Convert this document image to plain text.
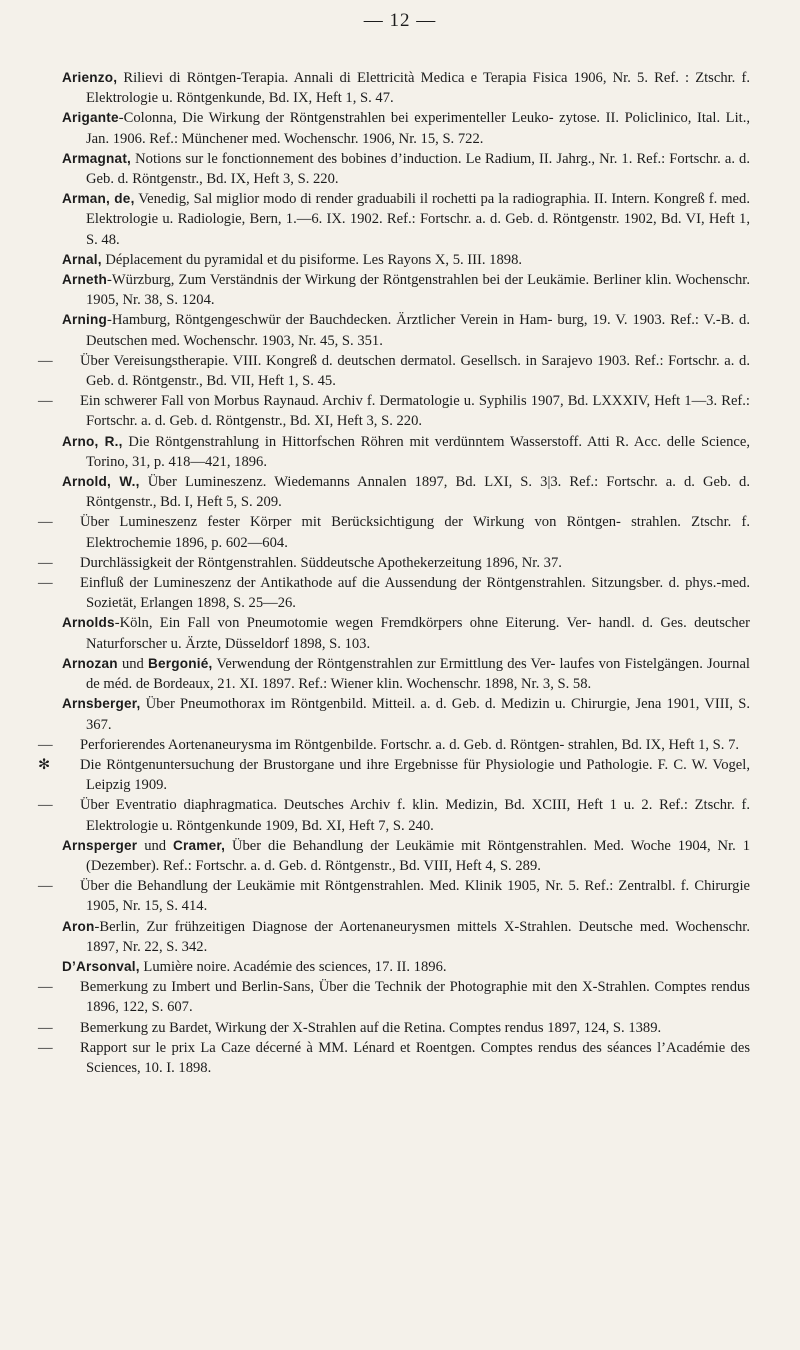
— 12 —
Arienzo, Rilievi di Röntgen-Terapia. Annali di Elettricità Medica e Terapia Fisica 1906, Nr. 5. Ref. : Ztschr. f. Elektrologie u. Röntgenkunde, Bd. IX, Heft 1, S. 47.
Arigante-Colonna, Die Wirkung der Röntgenstrahlen bei experimenteller Leuko- zytose. II. Policlinico, Ital. Lit., Jan. 1906. Ref.: Münchener med. Wochenschr. 1906, Nr. 15, S. 722.
Armagnat, Notions sur le fonctionnement des bobines d’induction. Le Radium, II. Jahrg., Nr. 1. Ref.: Fortschr. a. d. Geb. d. Röntgenstr., Bd. IX, Heft 3, S. 220.
Arman, de, Venedig, Sal miglior modo di render graduabili il rochetti pa la radiographia. II. Intern. Kongreß f. med. Elektrologie u. Radiologie, Bern, 1.—6. IX. 1902. Ref.: Fortschr. a. d. Geb. d. Röntgenstr. 1902, Bd. VI, Heft 1, S. 48.
Arnal, Déplacement du pyramidal et du pisiforme. Les Rayons X, 5. III. 1898.
Arneth-Würzburg, Zum Verständnis der Wirkung der Röntgenstrahlen bei der Leukämie. Berliner klin. Wochenschr. 1905, Nr. 38, S. 1204.
Arning-Hamburg, Röntgengeschwür der Bauchdecken. Ärztlicher Verein in Ham- burg, 19. V. 1903. Ref.: V.-B. d. Deutschen med. Wochenschr. 1903, Nr. 45, S. 351.
— Über Vereisungstherapie. VIII. Kongreß d. deutschen dermatol. Gesellsch. in Sarajevo 1903. Ref.: Fortschr. a. d. Geb. d. Röntgenstr., Bd. VII, Heft 1, S. 45.
— Ein schwerer Fall von Morbus Raynaud. Archiv f. Dermatologie u. Syphilis 1907, Bd. LXXXIV, Heft 1—3. Ref.: Fortschr. a. d. Geb. d. Röntgenstr., Bd. XI, Heft 3, S. 220.
Arno, R., Die Röntgenstrahlung in Hittorfschen Röhren mit verdünntem Wasserstoff. Atti R. Acc. delle Science, Torino, 31, p. 418—421, 1896.
Arnold, W., Über Lumineszenz. Wiedemanns Annalen 1897, Bd. LXI, S. 3|3. Ref.: Fortschr. a. d. Geb. d. Röntgenstr., Bd. I, Heft 5, S. 209.
— Über Lumineszenz fester Körper mit Berücksichtigung der Wirkung von Röntgen- strahlen. Ztschr. f. Elektrochemie 1896, p. 602—604.
— Durchlässigkeit der Röntgenstrahlen. Süddeutsche Apothekerzeitung 1896, Nr. 37.
— Einfluß der Lumineszenz der Antikathode auf die Aussendung der Röntgenstrahlen. Sitzungsber. d. phys.-med. Sozietät, Erlangen 1898, S. 25—26.
Arnolds-Köln, Ein Fall von Pneumotomie wegen Fremdkörpers ohne Eiterung. Ver- handl. d. Ges. deutscher Naturforscher u. Ärzte, Düsseldorf 1898, S. 103.
Arnozan und Bergonié, Verwendung der Röntgenstrahlen zur Ermittlung des Ver- laufes von Fistelgängen. Journal de méd. de Bordeaux, 21. XI. 1897. Ref.: Wiener klin. Wochenschr. 1898, Nr. 3, S. 58.
Arnsberger, Über Pneumothorax im Röntgenbild. Mitteil. a. d. Geb. d. Medizin u. Chirurgie, Jena 1901, VIII, S. 367.
— Perforierendes Aortenaneurysma im Röntgenbilde. Fortschr. a. d. Geb. d. Röntgen- strahlen, Bd. IX, Heft 1, S. 7.
✻ Die Röntgenuntersuchung der Brustorgane und ihre Ergebnisse für Physiologie und Pathologie. F. C. W. Vogel, Leipzig 1909.
— Über Eventratio diaphragmatica. Deutsches Archiv f. klin. Medizin, Bd. XCIII, Heft 1 u. 2. Ref.: Ztschr. f. Elektrologie u. Röntgenkunde 1909, Bd. XI, Heft 7, S. 240.
Arnsperger und Cramer, Über die Behandlung der Leukämie mit Röntgenstrahlen. Med. Woche 1904, Nr. 1 (Dezember). Ref.: Fortschr. a. d. Geb. d. Röntgenstr., Bd. VIII, Heft 4, S. 289.
— Über die Behandlung der Leukämie mit Röntgenstrahlen. Med. Klinik 1905, Nr. 5. Ref.: Zentralbl. f. Chirurgie 1905, Nr. 15, S. 414.
Aron-Berlin, Zur frühzeitigen Diagnose der Aortenaneurysmen mittels X-Strahlen. Deutsche med. Wochenschr. 1897, Nr. 22, S. 342.
D’Arsonval, Lumière noire. Académie des sciences, 17. II. 1896.
— Bemerkung zu Imbert und Berlin-Sans, Über die Technik der Photographie mit den X-Strahlen. Comptes rendus 1896, 122, S. 607.
— Bemerkung zu Bardet, Wirkung der X-Strahlen auf die Retina. Comptes rendus 1897, 124, S. 1389.
— Rapport sur le prix La Caze décerné à MM. Lénard et Roentgen. Comptes rendus des séances l’Académie des Sciences, 10. I. 1898.
